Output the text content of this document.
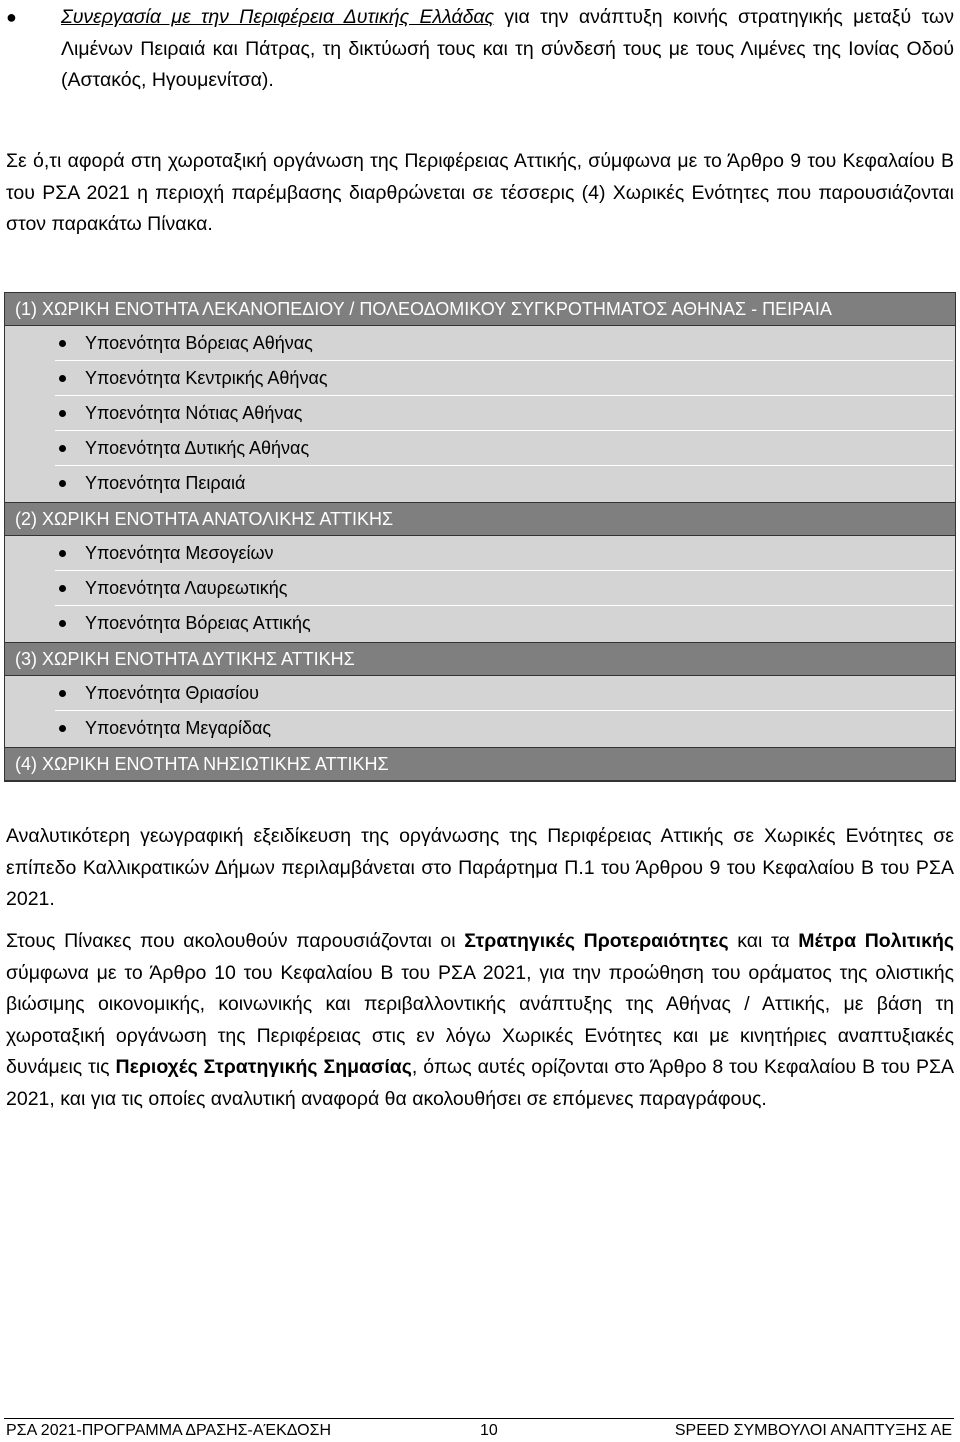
● Συνεργασία με την Περιφέρεια Δυτικής Ελλάδας για την ανάπτυξη κοινής στρατηγικής μεταξύ των Λιμένων Πειραιά και Πάτρας, τη δικτύωσή τους και τη σύνδεσή τους με τους Λιμένες της Ιονίας Οδού (Αστακός, Ηγουμενίτσα).
Σε ό,τι αφορά στη χωροταξική οργάνωση της Περιφέρειας Αττικής, σύμφωνα με το Άρθρο 9 του Κεφαλαίου Β του ΡΣΑ 2021 η περιοχή παρέμβασης διαρθρώνεται σε τέσσερις (4) Χωρικές Ενότητες που παρουσιάζονται στον παρακάτω Πίνακα.
(1) ΧΩΡΙΚΗ ΕΝΟΤΗΤΑ ΛΕΚΑΝΟΠΕΔΙΟΥ / ΠΟΛΕΟΔΟΜΙΚΟΥ ΣΥΓΚΡΟΤΗΜΑΤΟΣ ΑΘΗΝΑΣ - ΠΕΙΡΑΙΑ
Υποενότητα Βόρειας Αθήνας
Υποενότητα Κεντρικής Αθήνας
Υποενότητα Νότιας Αθήνας
Υποενότητα Δυτικής Αθήνας
Υποενότητα Πειραιά
(2) ΧΩΡΙΚΗ ΕΝΟΤΗΤΑ ΑΝΑΤΟΛΙΚΗΣ ΑΤΤΙΚΗΣ
Υποενότητα Μεσογείων
Υποενότητα Λαυρεωτικής
Υποενότητα Βόρειας Αττικής
(3) ΧΩΡΙΚΗ ΕΝΟΤΗΤΑ ΔΥΤΙΚΗΣ ΑΤΤΙΚΗΣ
Υποενότητα Θριασίου
Υποενότητα Μεγαρίδας
(4) ΧΩΡΙΚΗ ΕΝΟΤΗΤΑ ΝΗΣΙΩΤΙΚΗΣ ΑΤΤΙΚΗΣ
Αναλυτικότερη γεωγραφική εξειδίκευση της οργάνωσης της Περιφέρειας Αττικής σε Χωρικές Ενότητες σε επίπεδο Καλλικρατικών Δήμων περιλαμβάνεται στο Παράρτημα Π.1 του Άρθρου 9 του Κεφαλαίου Β του ΡΣΑ 2021.
Στους Πίνακες που ακολουθούν παρουσιάζονται οι Στρατηγικές Προτεραιότητες και τα Μέτρα Πολιτικής σύμφωνα με το Άρθρο 10 του Κεφαλαίου Β του ΡΣΑ 2021, για την προώθηση του οράματος της ολιστικής βιώσιμης οικονομικής, κοινωνικής και περιβαλλοντικής ανάπτυξης της Αθήνας / Αττικής, με βάση τη χωροταξική οργάνωση της Περιφέρειας στις εν λόγω Χωρικές Ενότητες και με κινητήριες αναπτυξιακές δυνάμεις τις Περιοχές Στρατηγικής Σημασίας, όπως αυτές ορίζονται στο Άρθρο 8 του Κεφαλαίου Β του ΡΣΑ 2021, και για τις οποίες αναλυτική αναφορά θα ακολουθήσει σε επόμενες παραγράφους.
ΡΣΑ 2021-ΠΡΟΓΡΑΜΜΑ ΔΡΑΣΗΣ-ΑΈΚΔΟΣΗ	10	SPEED ΣΥΜΒΟΥΛΟΙ ΑΝΑΠΤΥΞΗΣ ΑΕ
